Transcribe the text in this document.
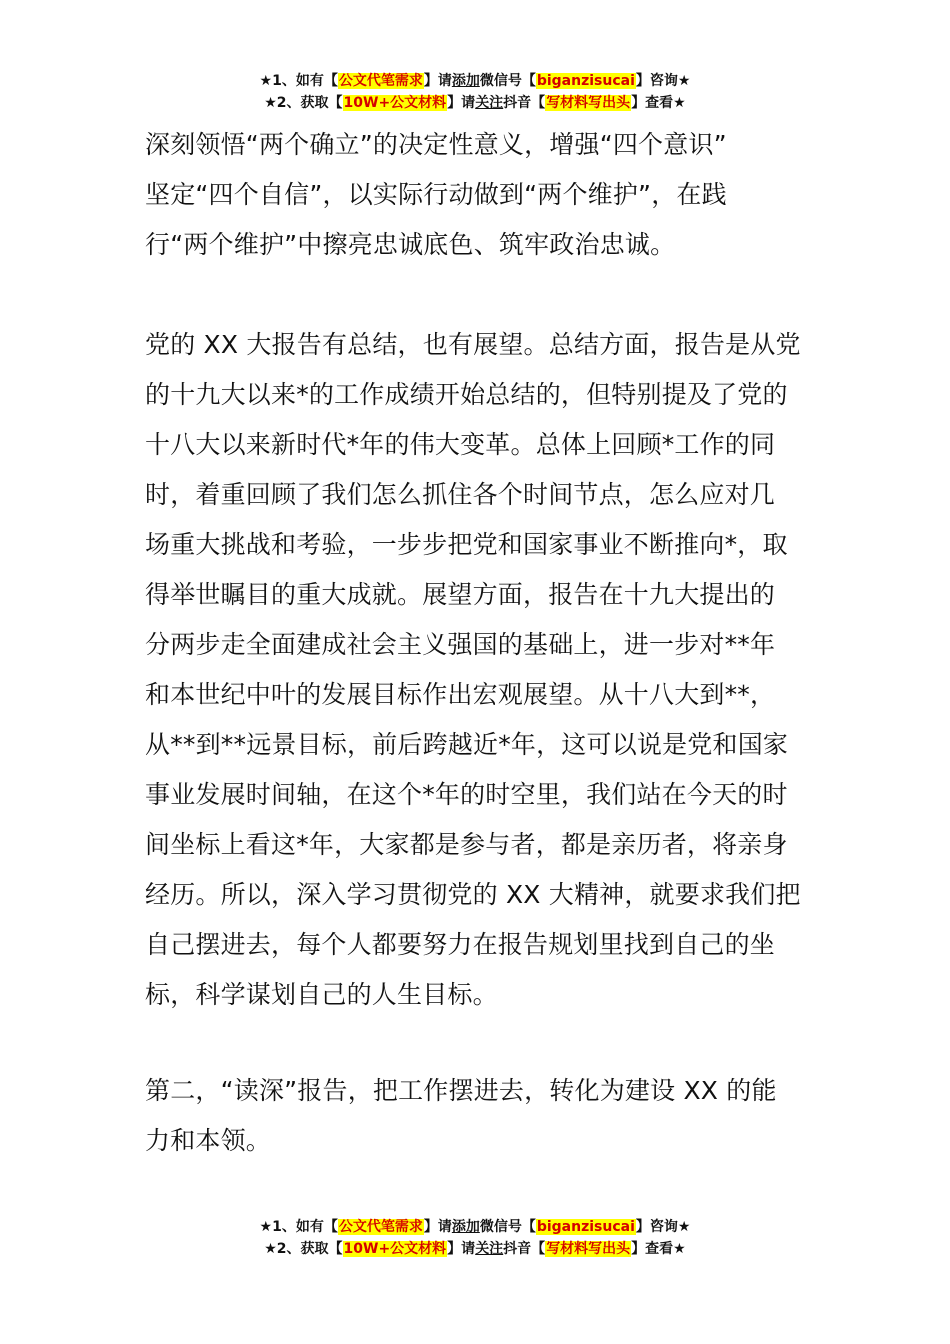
★1、如有【公文代笔需求】请添加微信号【biganzisucai】咨询★
★2、获取【10W+公文材料】请关注抖音【写材料写出头】查看★
深刻领悟“两个确立”的决定性意义，增强“四个意识”
坚定“四个自信”，以实际行动做到“两个维护”，在践
行“两个维护”中擦亮忠诚底色、筑牢政治忠诚。
党的 XX 大报告有总结，也有展望。总结方面，报告是从党
的十九大以来*的工作成绩开始总结的，但特别提及了党的
十八大以来新时代*年的伟大变革。总体上回顾*工作的同
时，着重回顾了我们怎么抓住各个时间节点，怎么应对几
场重大挑战和考验，一步步把党和国家事业不断推向*，取
得举世瞩目的重大成就。展望方面，报告在十九大提出的
分两步走全面建成社会主义强国的基础上，进一步对**年
和本世纪中叶的发展目标作出宏观展望。从十八大到**，
从**到**远景目标，前后跨越近*年，这可以说是党和国家
事业发展时间轴，在这个*年的时空里，我们站在今天的时
间坐标上看这*年，大家都是参与者，都是亲历者，将亲身
经历。所以，深入学习贯彻党的 XX 大精神，就要求我们把
自己摆进去，每个人都要努力在报告规划里找到自己的坐
标，科学谋划自己的人生目标。
第二，“读深”报告，把工作摆进去，转化为建设 XX 的能
力和本领。
★1、如有【公文代笔需求】请添加微信号【biganzisucai】咨询★
★2、获取【10W+公文材料】请关注抖音【写材料写出头】查看★
